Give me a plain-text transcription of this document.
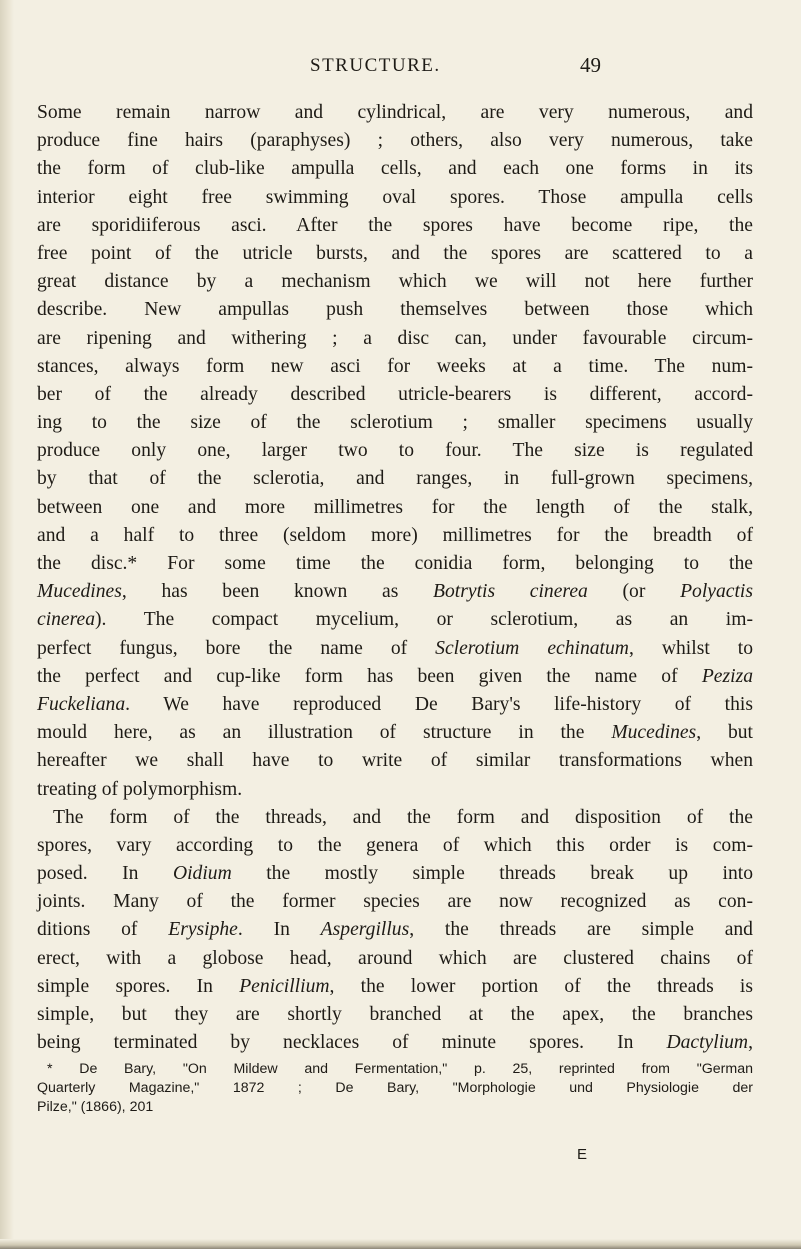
STRUCTURE.	49
Some remain narrow and cylindrical, are very numerous, and
produce fine hairs (paraphyses) ; others, also very numerous, take
the form of club-like ampulla cells, and each one forms in its
interior eight free swimming oval spores. Those ampulla cells
are sporidiiferous asci. After the spores have become ripe, the
free point of the utricle bursts, and the spores are scattered to a
great distance by a mechanism which we will not here further
describe. New ampullas push themselves between those which
are ripening and withering ; a disc can, under favourable circum-
stances, always form new asci for weeks at a time. The num-
ber of the already described utricle-bearers is different, accord-
ing to the size of the sclerotium ; smaller specimens usually
produce only one, larger two to four. The size is regulated
by that of the sclerotia, and ranges, in full-grown specimens,
between one and more millimetres for the length of the stalk,
and a half to three (seldom more) millimetres for the breadth of
the disc.* For some time the conidia form, belonging to the
Mucedines, has been known as Botrytis cinerea (or Polyactis
cinerea). The compact mycelium, or sclerotium, as an im-
perfect fungus, bore the name of Sclerotium echinatum, whilst to
the perfect and cup-like form has been given the name of Peziza
Fuckeliana. We have reproduced De Bary's life-history of this
mould here, as an illustration of structure in the Mucedines, but
hereafter we shall have to write of similar transformations when
treating of polymorphism.
The form of the threads, and the form and disposition of the
spores, vary according to the genera of which this order is com-
posed. In Oidium the mostly simple threads break up into
joints. Many of the former species are now recognized as con-
ditions of Erysiphe. In Aspergillus, the threads are simple and
erect, with a globose head, around which are clustered chains of
simple spores. In Penicillium, the lower portion of the threads is
simple, but they are shortly branched at the apex, the branches
being terminated by necklaces of minute spores. In Dactylium,
* De Bary, "On Mildew and Fermentation," p. 25, reprinted from "German
Quarterly Magazine," 1872 ; De Bary, "Morphologie und Physiologie der
Pilze," (1866), 201
E
